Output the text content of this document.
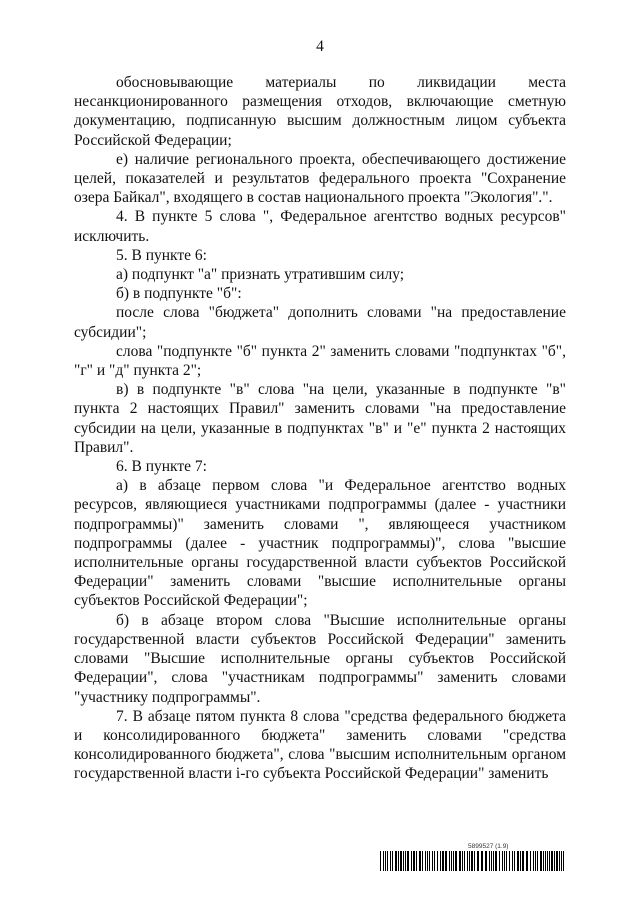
4

обосновывающие материалы по ликвидации места несанкционированного размещения отходов, включающие сметную документацию, подписанную высшим должностным лицом субъекта Российской Федерации;

е) наличие регионального проекта, обеспечивающего достижение целей, показателей и результатов федерального проекта "Сохранение озера Байкал", входящего в состав национального проекта "Экология".".

4. В пункте 5 слова ", Федеральное агентство водных ресурсов" исключить.

5. В пункте 6:

а) подпункт "а" признать утратившим силу;

б) в подпункте "б":

после слова "бюджета" дополнить словами "на предоставление субсидии";

слова "подпункте "б" пункта 2" заменить словами "подпунктах "б", "г" и "д" пункта 2";

в) в подпункте "в" слова "на цели, указанные в подпункте "в" пункта 2 настоящих Правил" заменить словами "на предоставление субсидии на цели, указанные в подпунктах "в" и "е" пункта 2 настоящих Правил".

6. В пункте 7:

а) в абзаце первом слова "и Федеральное агентство водных ресурсов, являющиеся участниками подпрограммы (далее - участники подпрограммы)" заменить словами ", являющееся участником подпрограммы (далее - участник подпрограммы)", слова "высшие исполнительные органы государственной власти субъектов Российской Федерации" заменить словами "высшие исполнительные органы субъектов Российской Федерации";

б) в абзаце втором слова "Высшие исполнительные органы государственной власти субъектов Российской Федерации" заменить словами "Высшие исполнительные органы субъектов Российской Федерации", слова "участникам подпрограммы" заменить словами "участнику подпрограммы".

7. В абзаце пятом пункта 8 слова "средства федерального бюджета и консолидированного бюджета" заменить словами "средства консолидированного бюджета", слова "высшим исполнительным органом государственной власти i-го субъекта Российской Федерации" заменить

5899527 (1.9)
